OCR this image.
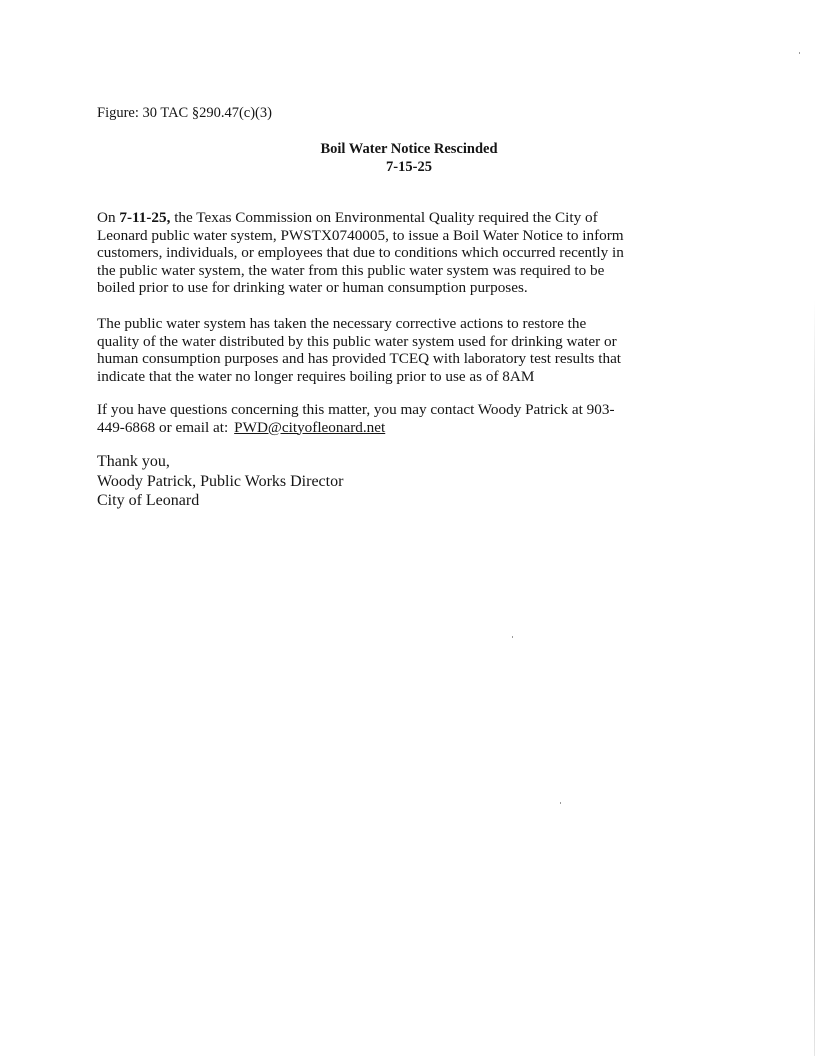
Figure: 30 TAC §290.47(c)(3)
Boil Water Notice Rescinded
7-15-25

On 7-11-25, the Texas Commission on Environmental Quality required the City of
Leonard public water system, PWSTX0740005, to issue a Boil Water Notice to inform
customers, individuals, or employees that due to conditions which occurred recently in
the public water system, the water from this public water system was required to be
boiled prior to use for drinking water or human consumption purposes.

The public water system has taken the necessary corrective actions to restore the
quality of the water distributed by this public water system used for drinking water or
human consumption purposes and has provided TCEQ with laboratory test results that
indicate that the water no longer requires boiling prior to use as of 8AM

If you have questions concerning this matter, you may contact Woody Patrick at 903-
449-6868 or email at: PWD@cityofleonard.net

Thank you,
Woody Patrick, Public Works Director
City of Leonard
